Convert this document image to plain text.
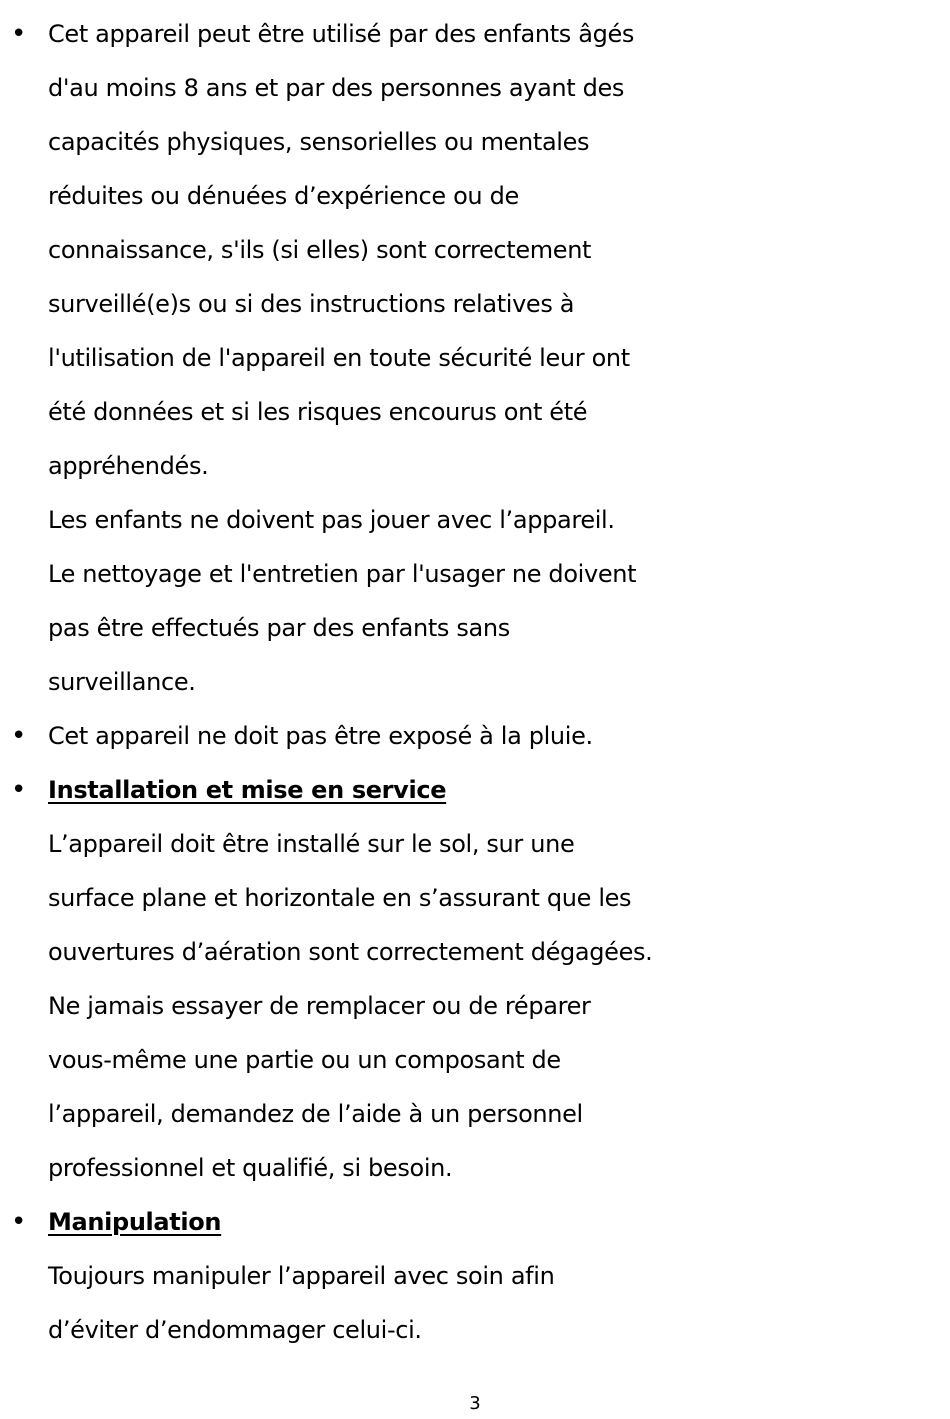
• Cet appareil peut être utilisé par des enfants âgés
d'au moins 8 ans et par des personnes ayant des
capacités physiques, sensorielles ou mentales
réduites ou dénuées d’expérience ou de
connaissance, s'ils (si elles) sont correctement
surveillé(e)s ou si des instructions relatives à
l'utilisation de l'appareil en toute sécurité leur ont
été données et si les risques encourus ont été
appréhendés.
Les enfants ne doivent pas jouer avec l’appareil.
Le nettoyage et l'entretien par l'usager ne doivent
pas être effectués par des enfants sans
surveillance.
• Cet appareil ne doit pas être exposé à la pluie.
• Installation et mise en service
L’appareil doit être installé sur le sol, sur une
surface plane et horizontale en s’assurant que les
ouvertures d’aération sont correctement dégagées.
Ne jamais essayer de remplacer ou de réparer
vous-même une partie ou un composant de
l’appareil, demandez de l’aide à un personnel
professionnel et qualifié, si besoin.
• Manipulation
Toujours manipuler l’appareil avec soin afin
d’éviter d’endommager celui-ci.
3
